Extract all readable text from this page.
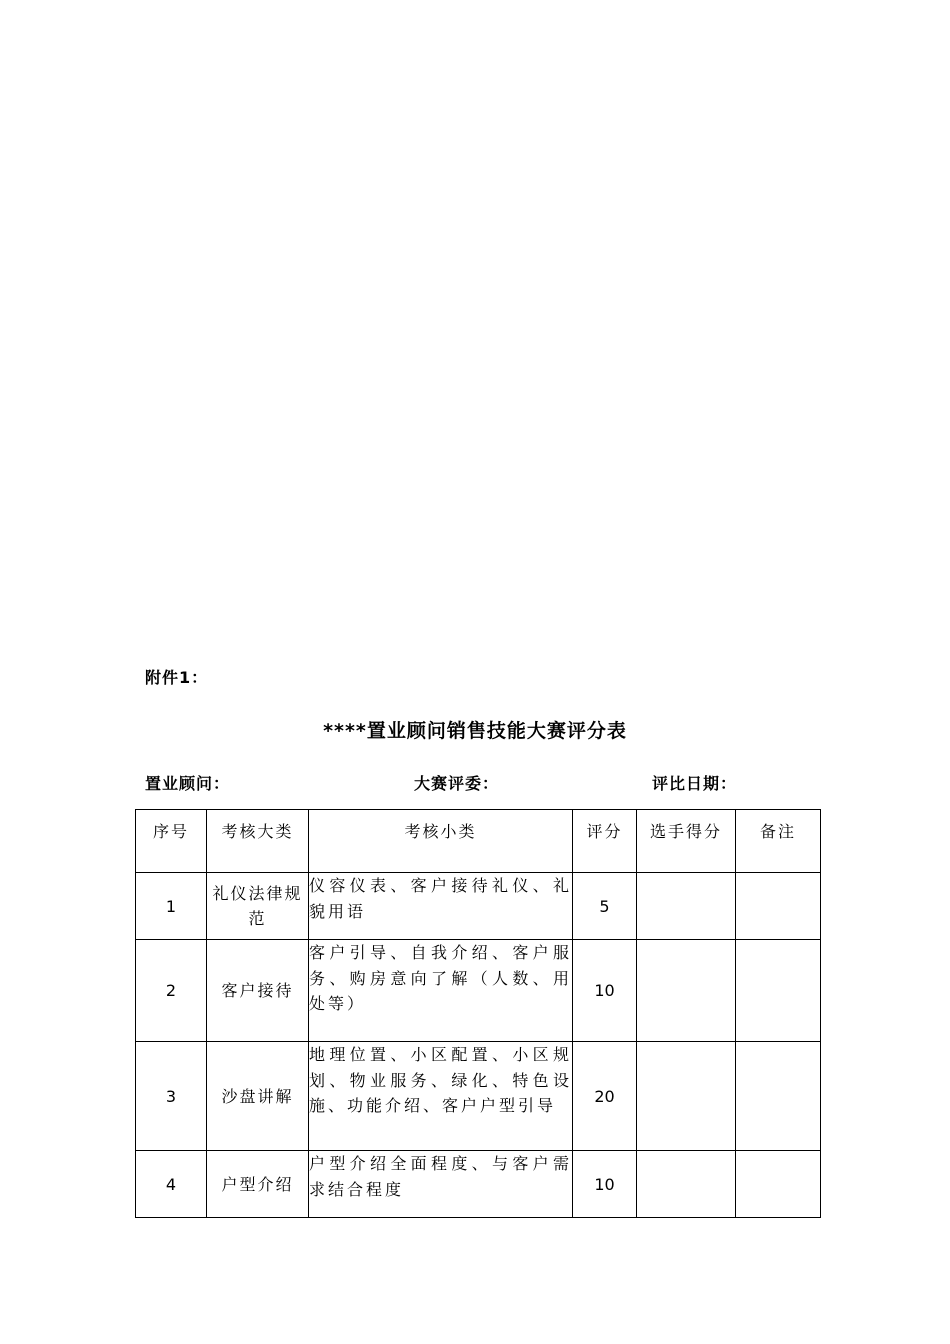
附件1：
****置业顾问销售技能大赛评分表
置业顾问：	大赛评委：	评比日期：
序号	考核大类	考核小类	评分	选手得分	备注
1	礼仪法律规范	仪容仪表、客户接待礼仪、礼貌用语	5		
2	客户接待	客户引导、自我介绍、客户服务、购房意向了解（人数、用处等）	10		
3	沙盘讲解	地理位置、小区配置、小区规划、物业服务、绿化、特色设施、功能介绍、客户户型引导	20		
4	户型介绍	户型介绍全面程度、与客户需求结合程度	10		
